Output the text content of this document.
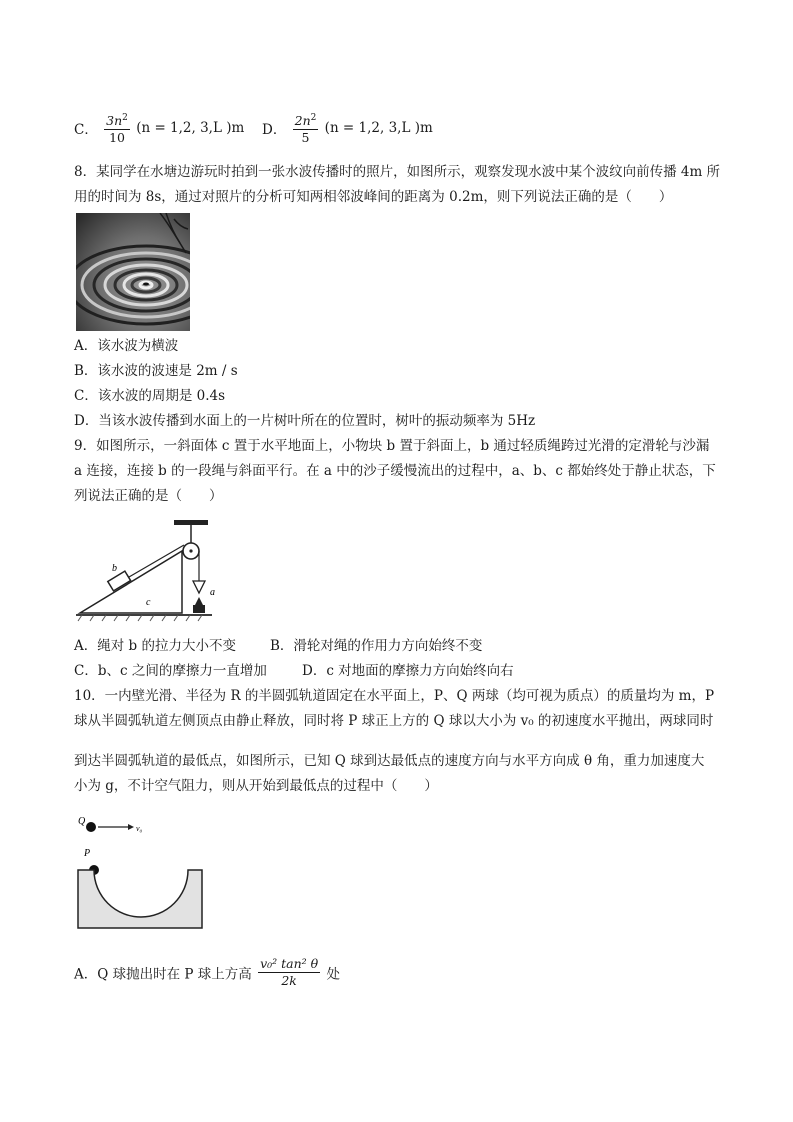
C． $\frac{3n^2}{10} (n = 1,2$, 3,L )m D． $\frac{2n^2}{5} (n = 1,2$, 3,L )m
8．某同学在水塘边游玩时拍到一张水波传播时的照片，如图所示，观察发现水波中某个波纹向前传播 4m 所
用的时间为 8s，通过对照片的分析可知两相邻波峰间的距离为 0.2m，则下列说法正确的是（　　）
A．该水波为横波
B．该水波的波速是 2m / s
C．该水波的周期是 0.4s
D．当该水波传播到水面上的一片树叶所在的位置时，树叶的振动频率为 5Hz
9．如图所示，一斜面体 c 置于水平地面上，小物块 b 置于斜面上，b 通过轻质绳跨过光滑的定滑轮与沙漏
a 连接，连接 b 的一段绳与斜面平行。在 a 中的沙子缓慢流出的过程中，a、b、c 都始终处于静止状态，下
列说法正确的是（　　）
b
c
a
A．绳对 b 的拉力大小不变	B．滑轮对绳的作用力方向始终不变
C．b、c 之间的摩擦力一直增加	D．c 对地面的摩擦力方向始终向右
10．一内壁光滑、半径为 R 的半圆弧轨道固定在水平面上，P、Q 两球（均可视为质点）的质量均为 m，P
球从半圆弧轨道左侧顶点由静止释放，同时将 P 球正上方的 Q 球以大小为 v₀ 的初速度水平抛出，两球同时
到达半圆弧轨道的最低点，如图所示，已知 Q 球到达最低点的速度方向与水平方向成 θ 角，重力加速度大
小为 g，不计空气阻力，则从开始到最低点的过程中（　　）
Q
v₀
P
A．Q 球抛出时在 P 球上方高 $\frac{\text{v₀² tan² θ}}{2k}$ 处
